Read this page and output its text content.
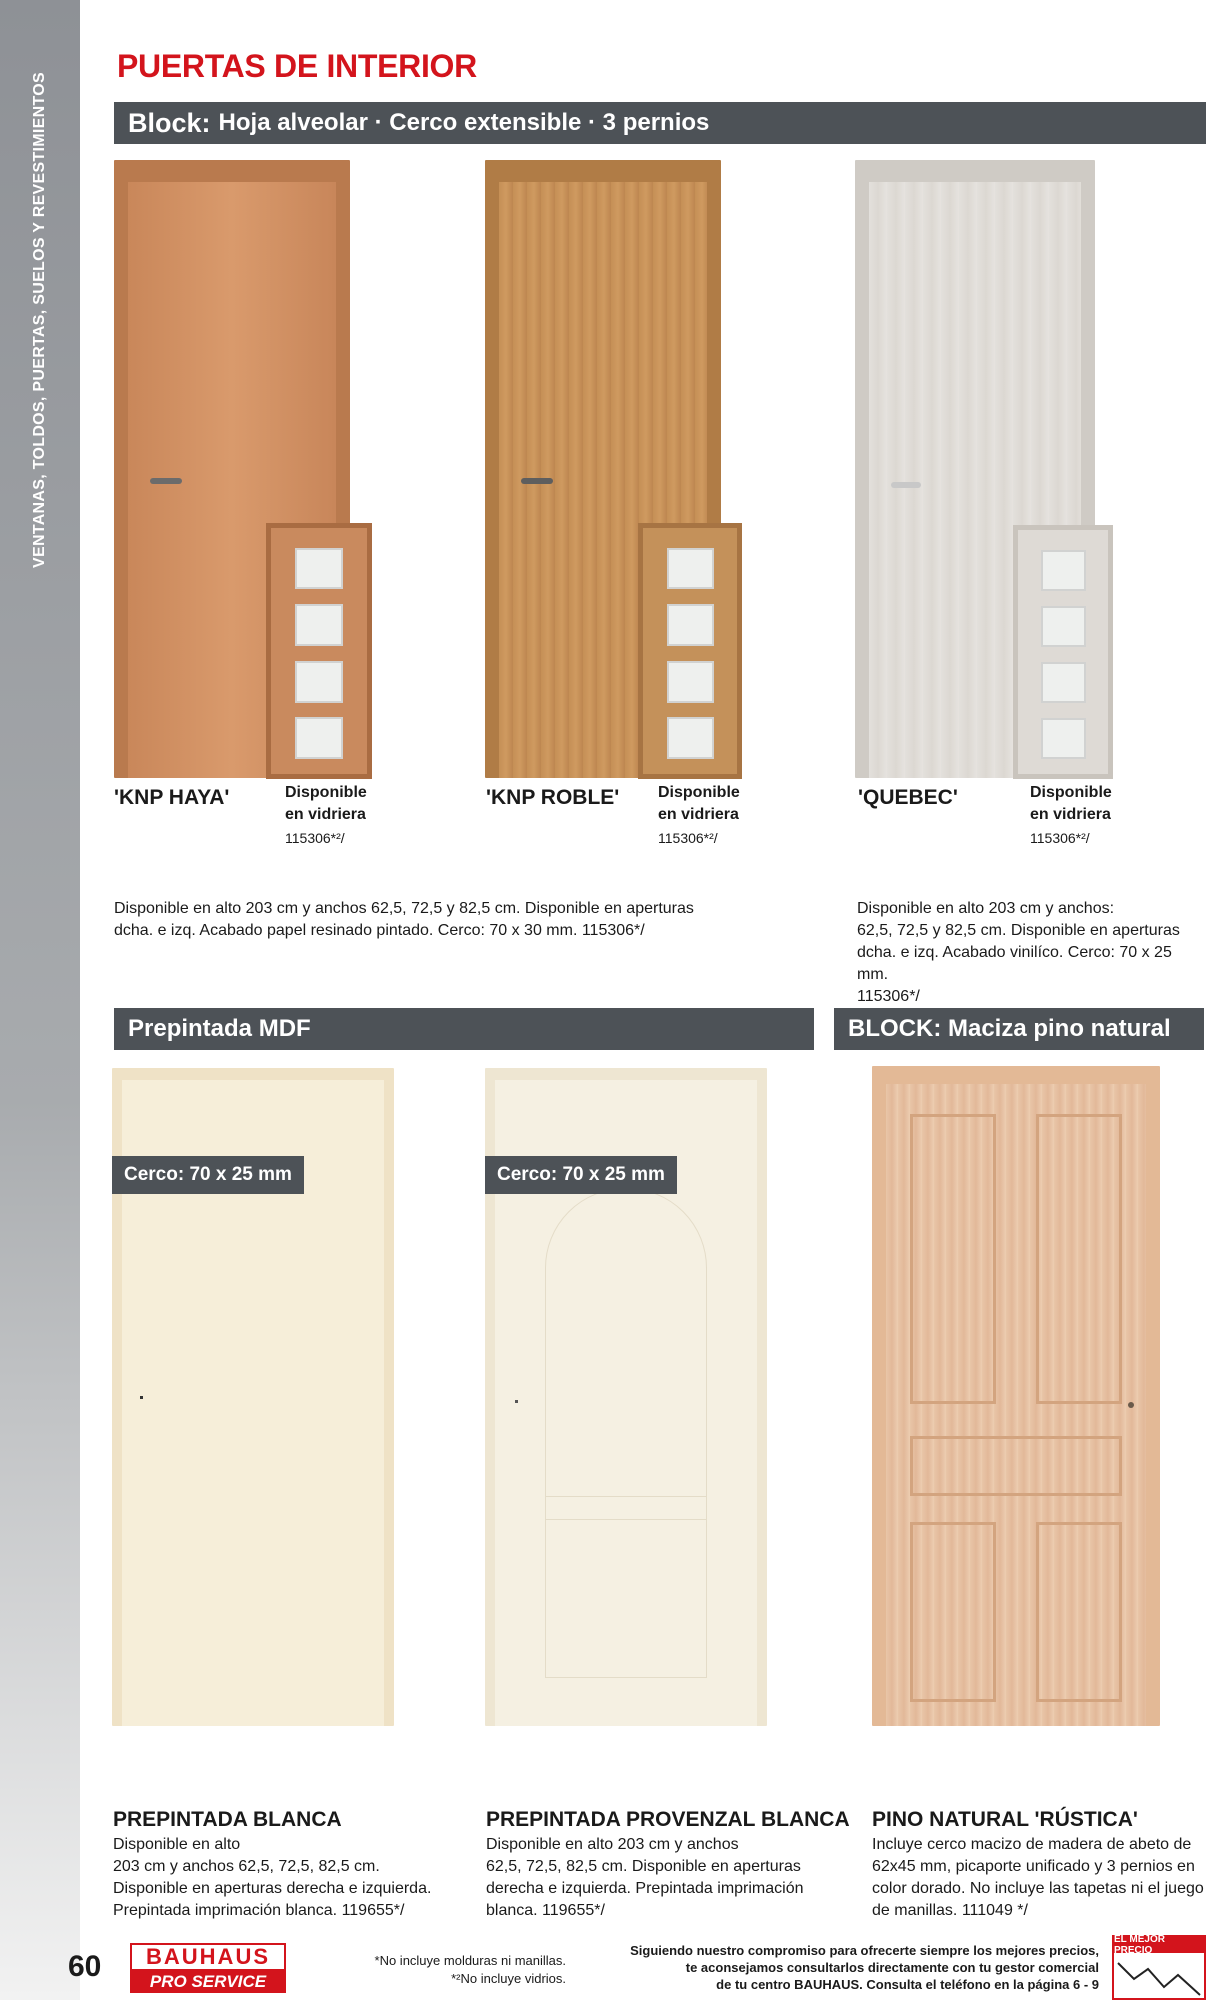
VENTANAS, TOLDOS, PUERTAS, SUELOS Y REVESTIMIENTOS
PUERTAS DE INTERIOR
Block: Hoja alveolar · Cerco extensible · 3 pernios
'KNP HAYA'	Disponible
en vidriera
115306*²/
'KNP ROBLE' Disponible
en vidriera
115306*²/
'QUEBEC'	Disponible
en vidriera
115306*²/
Disponible en alto 203 cm y anchos 62,5, 72,5 y 82,5 cm. Disponible en aperturas
dcha. e izq. Acabado papel resinado pintado. Cerco: 70 x 30 mm. 115306*/
Disponible en alto 203 cm y anchos:
62,5, 72,5 y 82,5 cm. Disponible en aperturas
dcha. e izq. Acabado vinilíco. Cerco: 70 x 25 mm.
115306*/
Prepintada MDF	BLOCK: Maciza pino natural
Cerco: 70 x 25 mm	Cerco: 70 x 25 mm
PREPINTADA BLANCA
Disponible en alto
203 cm y anchos 62,5, 72,5, 82,5 cm.
Disponible en aperturas derecha e izquierda.
Prepintada imprimación blanca. 119655*/
PREPINTADA PROVENZAL BLANCA
Disponible en alto 203 cm y anchos
62,5, 72,5, 82,5 cm. Disponible en aperturas
derecha e izquierda. Prepintada imprimación
blanca. 119655*/
PINO NATURAL 'RÚSTICA'
Incluye cerco macizo de madera de abeto de
62x45 mm, picaporte unificado y 3 pernios en
color dorado. No incluye las tapetas ni el juego
de manillas. 111049 */
60	BAUHAUS
PRO SERVICE
*No incluye molduras ni manillas.
*²No incluye vidrios.
Siguiendo nuestro compromiso para ofrecerte siempre los mejores precios,
te aconsejamos consultarlos directamente con tu gestor comercial
de tu centro BAUHAUS. Consulta el teléfono en la página 6 - 9
EL MEJOR PRECIO
